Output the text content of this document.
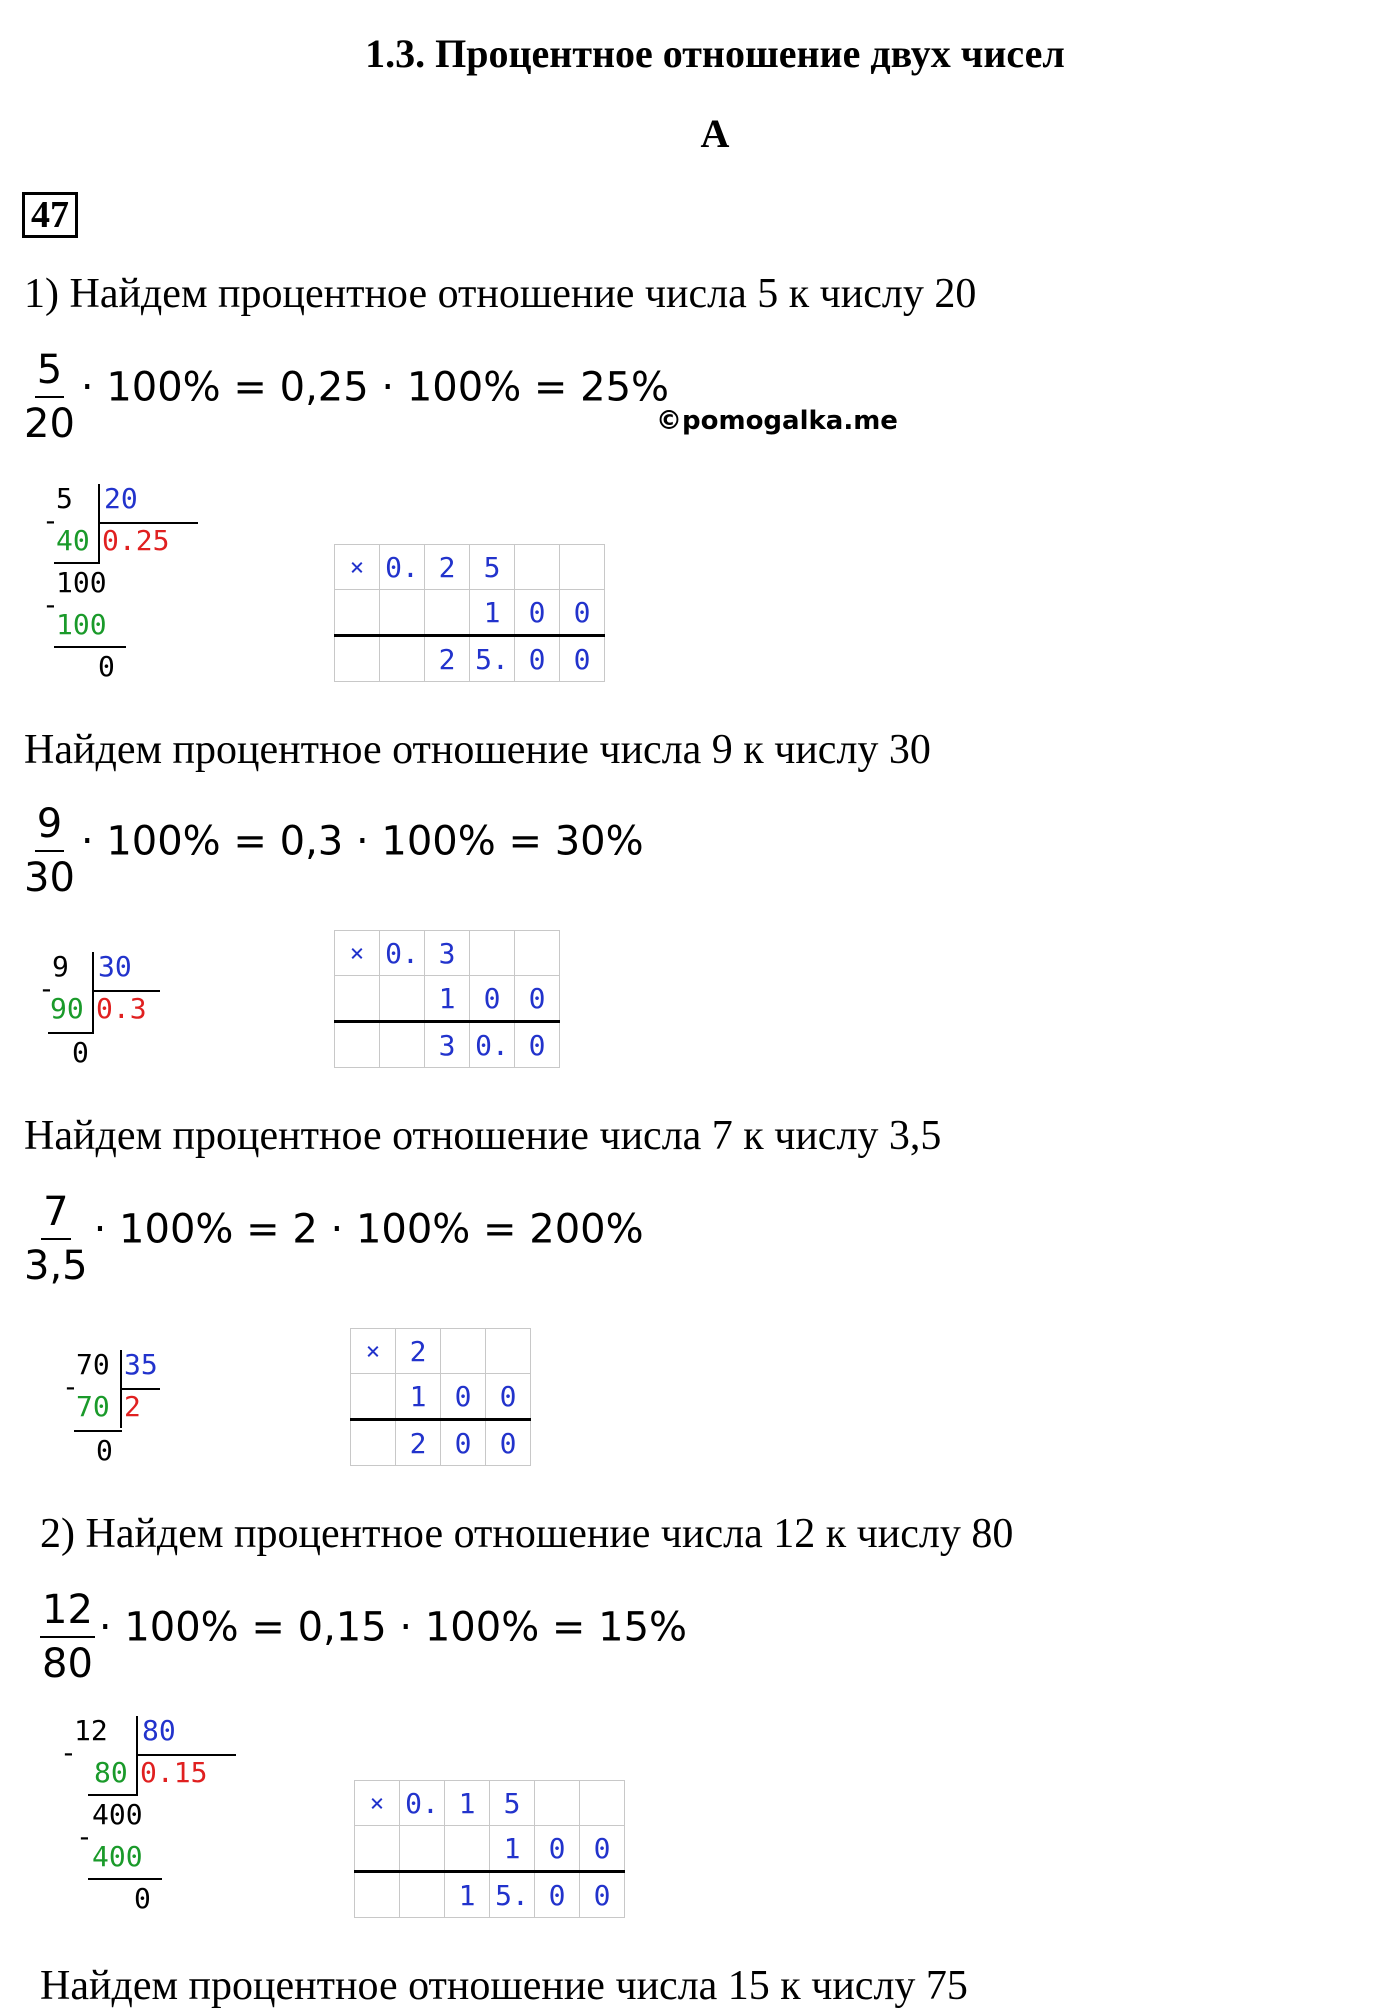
1.3. Процентное отношение двух чисел
А
47
1) Найдем процентное отношение числа 5 к числу 20
$\frac{5}{20} \cdot 100\% = 0,25 \cdot 100\% = 25\%$
©pomogalka.me
5 20
-
40 0.25
100
-
100
0
×	0.	2	5		
			1	0	0
		2	5.	0	0
Найдем процентное отношение числа 9 к числу 30
$\frac{9}{30} \cdot 100\% = 0,3 \cdot 100\% = 30\%$
9 30
-
90 0.3
0
×	0.	3		
		1	0	0
		3	0.	0
Найдем процентное отношение числа 7 к числу 3,5
$\frac{7}{3,5} \cdot 100\% = 2 \cdot 100\% = 200\%$
70 35
-
70 2
0
×	2		
	1	0	0
	2	0	0
2) Найдем процентное отношение числа 12 к числу 80
$\frac{12}{80} \cdot 100\% = 0,15 \cdot 100\% = 15\%$
12 80
-
80 0.15
400
-
400
0
×	0.	1	5		
			1	0	0
		1	5.	0	0
Найдем процентное отношение числа 15 к числу 75
